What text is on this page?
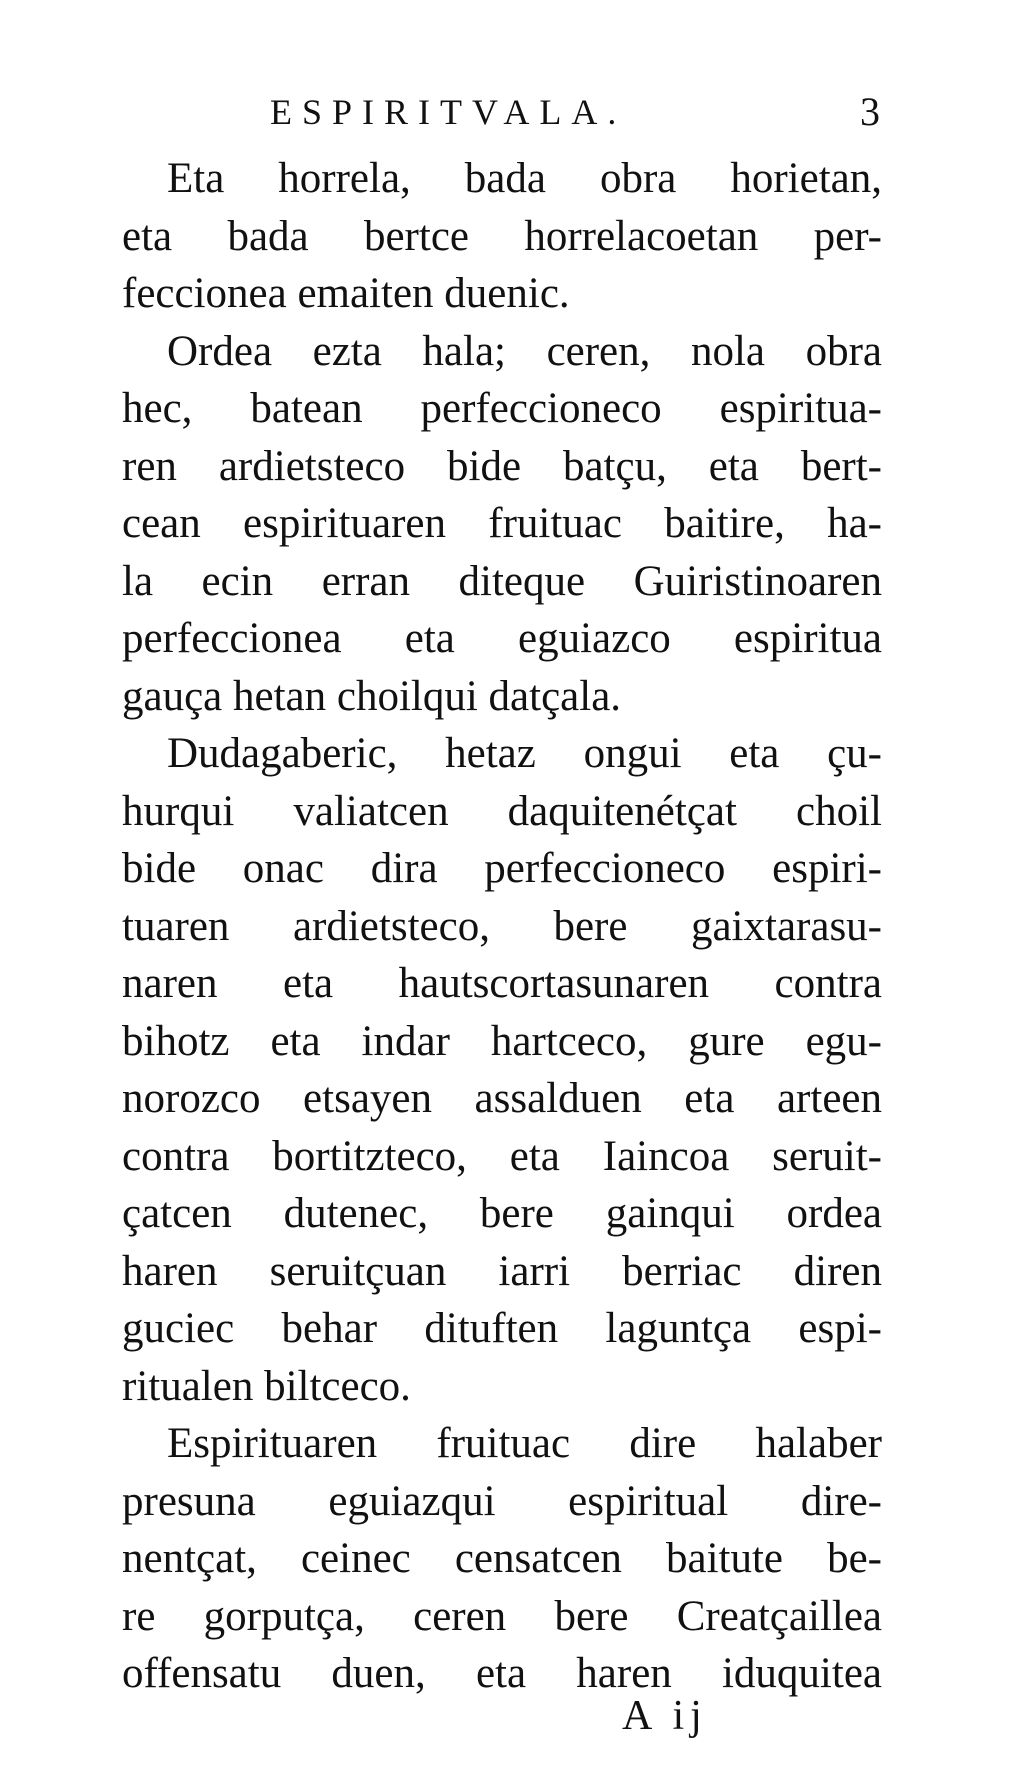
ESPIRITVALA.	3
Eta horrela, bada obra horietan,
eta bada bertce horrelacoetan per-
feccionea emaiten duenic.
Ordea ezta hala; ceren, nola obra
hec, batean perfeccioneco espiritua-
ren ardietsteco bide batçu, eta bert-
cean espirituaren fruituac baitire, ha-
la ecin erran diteque Guiristinoaren
perfeccionea eta eguiazco espiritua
gauça hetan choilqui datçala.
Dudagaberic, hetaz ongui eta çu-
hurqui valiatcen daquitenétçat choil
bide onac dira perfeccioneco espiri-
tuaren ardietsteco, bere gaixtarasu-
naren eta hautscortasunaren contra
bihotz eta indar hartceco, gure egu-
norozco etsayen assalduen eta arteen
contra bortitzteco, eta Iaincoa seruit-
çatcen dutenec, bere gainqui ordea
haren seruitçuan iarri berriac diren
guciec behar dituften laguntça espi-
ritualen biltceco.
Espirituaren fruituac dire halaber
presuna eguiazqui espiritual dire-
nentçat, ceinec censatcen baitute be-
re gorputça, ceren bere Creatçaillea
offensatu duen, eta haren iduquitea
A ij
